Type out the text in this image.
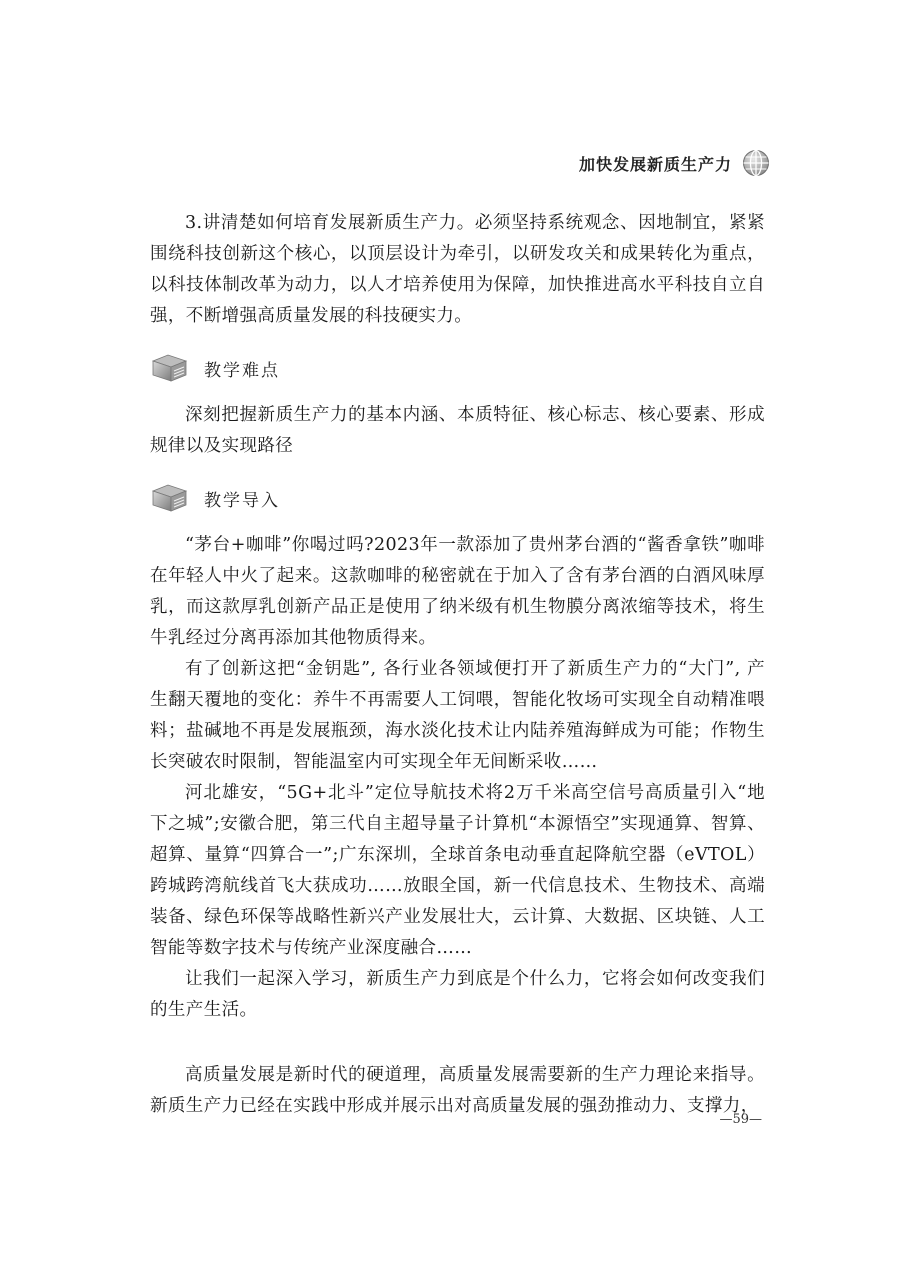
加快发展新质生产力

3.讲清楚如何培育发展新质生产力。必须坚持系统观念、因地制宜，紧紧围绕科技创新这个核心，以顶层设计为牵引，以研发攻关和成果转化为重点，以科技体制改革为动力，以人才培养使用为保障，加快推进高水平科技自立自强，不断增强高质量发展的科技硬实力。

教学难点

深刻把握新质生产力的基本内涵、本质特征、核心标志、核心要素、形成规律以及实现路径

教学导入

“茅台+咖啡”你喝过吗?2023年一款添加了贵州茅台酒的“酱香拿铁”咖啡在年轻人中火了起来。这款咖啡的秘密就在于加入了含有茅台酒的白酒风味厚乳，而这款厚乳创新产品正是使用了纳米级有机生物膜分离浓缩等技术，将生牛乳经过分离再添加其他物质得来。

有了创新这把“金钥匙”, 各行业各领域便打开了新质生产力的“大门”, 产生翻天覆地的变化：养牛不再需要人工饲喂，智能化牧场可实现全自动精准喂料；盐碱地不再是发展瓶颈，海水淡化技术让内陆养殖海鲜成为可能；作物生长突破农时限制，智能温室内可实现全年无间断采收……

河北雄安，“5G+北斗”定位导航技术将2万千米高空信号高质量引入“地下之城”;安徽合肥，第三代自主超导量子计算机“本源悟空”实现通算、智算、超算、量算“四算合一”;广东深圳，全球首条电动垂直起降航空器（eVTOL）跨城跨湾航线首飞大获成功……放眼全国，新一代信息技术、生物技术、高端装备、绿色环保等战略性新兴产业发展壮大，云计算、大数据、区块链、人工智能等数字技术与传统产业深度融合……

让我们一起深入学习，新质生产力到底是个什么力，它将会如何改变我们的生产生活。

高质量发展是新时代的硬道理，高质量发展需要新的生产力理论来指导。新质生产力已经在实践中形成并展示出对高质量发展的强劲推动力、支撑力，

—59—
